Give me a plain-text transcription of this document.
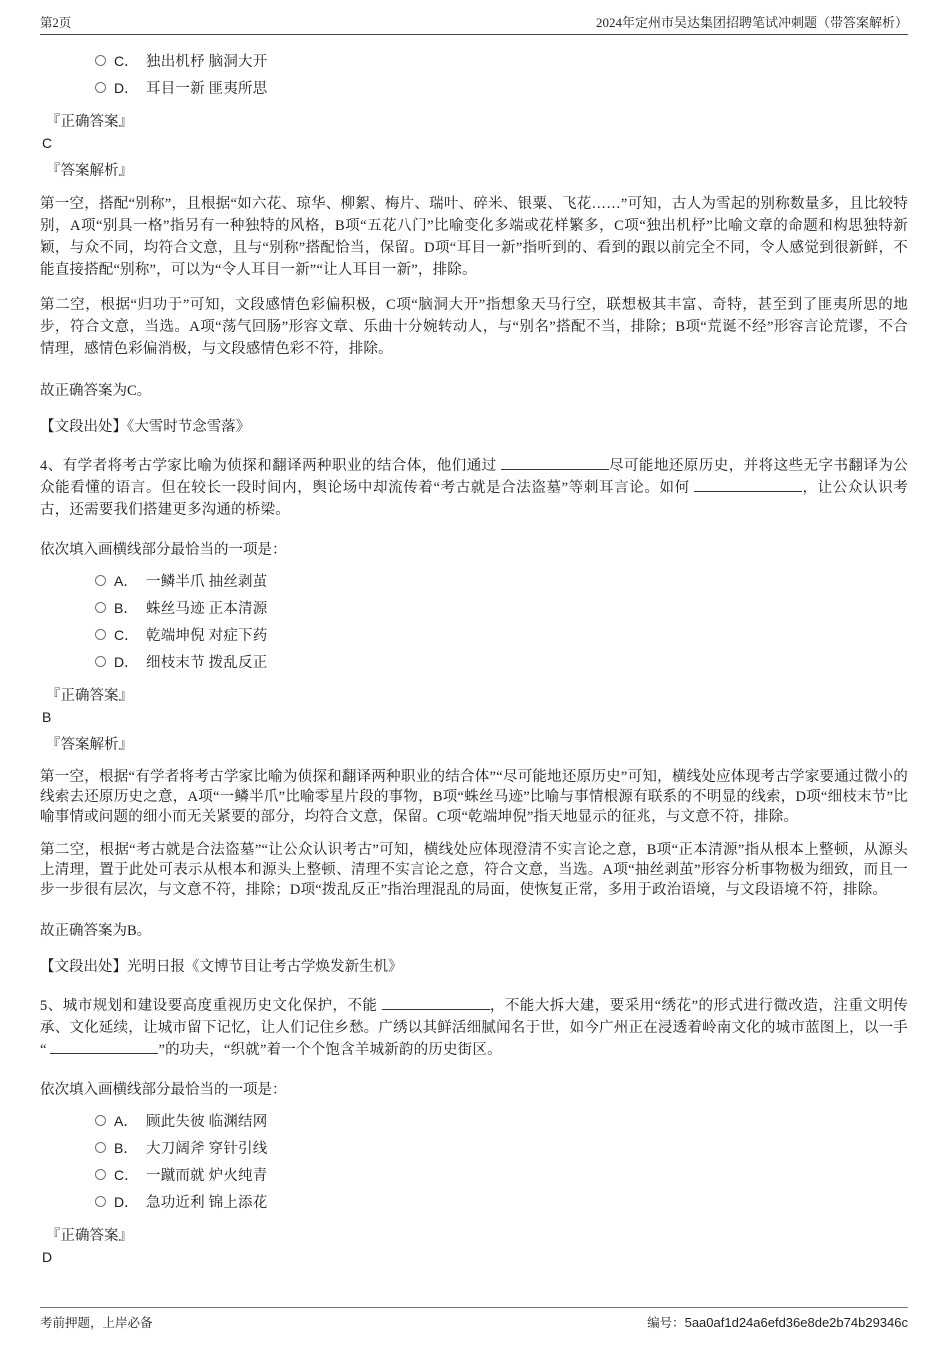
第2页	2024年定州市吴达集团招聘笔试冲刺题（带答案解析）
C． 独出机杼 脑洞大开
D． 耳目一新 匪夷所思
『正确答案』
C
『答案解析』

第一空，搭配“别称”，且根据“如六花、琼华、柳絮、梅片、瑞叶、碎米、银粟、飞花……”可知，古人为雪起的别称数量多，且比较特别，A项“别具一格”指另有一种独特的风格，B项“五花八门”比喻变化多端或花样繁多，C项“独出机杼”比喻文章的命题和构思独特新颖，与众不同，均符合文意，且与“别称”搭配恰当，保留。D项“耳目一新”指听到的、看到的跟以前完全不同，令人感觉到很新鲜，不能直接搭配“别称”，可以为“令人耳目一新”“让人耳目一新”，排除。

第二空，根据“归功于”可知，文段感情色彩偏积极，C项“脑洞大开”指想象天马行空，联想极其丰富、奇特，甚至到了匪夷所思的地步，符合文意，当选。A项“荡气回肠”形容文章、乐曲十分婉转动人，与“别名”搭配不当，排除；B项“荒诞不经”形容言论荒谬，不合情理，感情色彩偏消极，与文段感情色彩不符，排除。

故正确答案为C。
【文段出处】《大雪时节念雪落》

4、有学者将考古学家比喻为侦探和翻译两种职业的结合体，他们通过	尽可能地还原历史，并将这些无字书翻译为公众能看懂的语言。但在较长一段时间内，舆论场中却流传着“考古就是合法盗墓”等刺耳言论。如何	，让公众认识考古，还需要我们搭建更多沟通的桥梁。

依次填入画横线部分最恰当的一项是：
A． 一鳞半爪 抽丝剥茧
B． 蛛丝马迹 正本清源
C． 乾端坤倪 对症下药
D． 细枝末节 拨乱反正
『正确答案』
B
『答案解析』

第一空，根据“有学者将考古学家比喻为侦探和翻译两种职业的结合体”“尽可能地还原历史”可知，横线处应体现考古学家要通过微小的线索去还原历史之意，A项“一鳞半爪”比喻零星片段的事物，B项“蛛丝马迹”比喻与事情根源有联系的不明显的线索，D项“细枝末节”比喻事情或问题的细小而无关紧要的部分，均符合文意，保留。C项“乾端坤倪”指天地显示的征兆，与文意不符，排除。

第二空，根据“考古就是合法盗墓”“让公众认识考古”可知，横线处应体现澄清不实言论之意，B项“正本清源”指从根本上整顿，从源头上清理，置于此处可表示从根本和源头上整顿、清理不实言论之意，符合文意，当选。A项“抽丝剥茧”形容分析事物极为细致，而且一步一步很有层次，与文意不符，排除；D项“拨乱反正”指治理混乱的局面，使恢复正常，多用于政治语境，与文段语境不符，排除。

故正确答案为B。
【文段出处】光明日报《文博节目让考古学焕发新生机》

5、城市规划和建设要高度重视历史文化保护，不能	，不能大拆大建，要采用“绣花”的形式进行微改造，注重文明传承、文化延续，让城市留下记忆，让人们记住乡愁。广绣以其鲜活细腻闻名于世，如今广州正在浸透着岭南文化的城市蓝图上，以一手“	”的功夫，“织就”着一个个饱含羊城新韵的历史街区。

依次填入画横线部分最恰当的一项是：
A． 顾此失彼 临渊结网
B． 大刀阔斧 穿针引线
C． 一蹴而就 炉火纯青
D． 急功近利 锦上添花
『正确答案』
D
考前押题，上岸必备	编号：5aa0af1d24a6efd36e8de2b74b29346c
